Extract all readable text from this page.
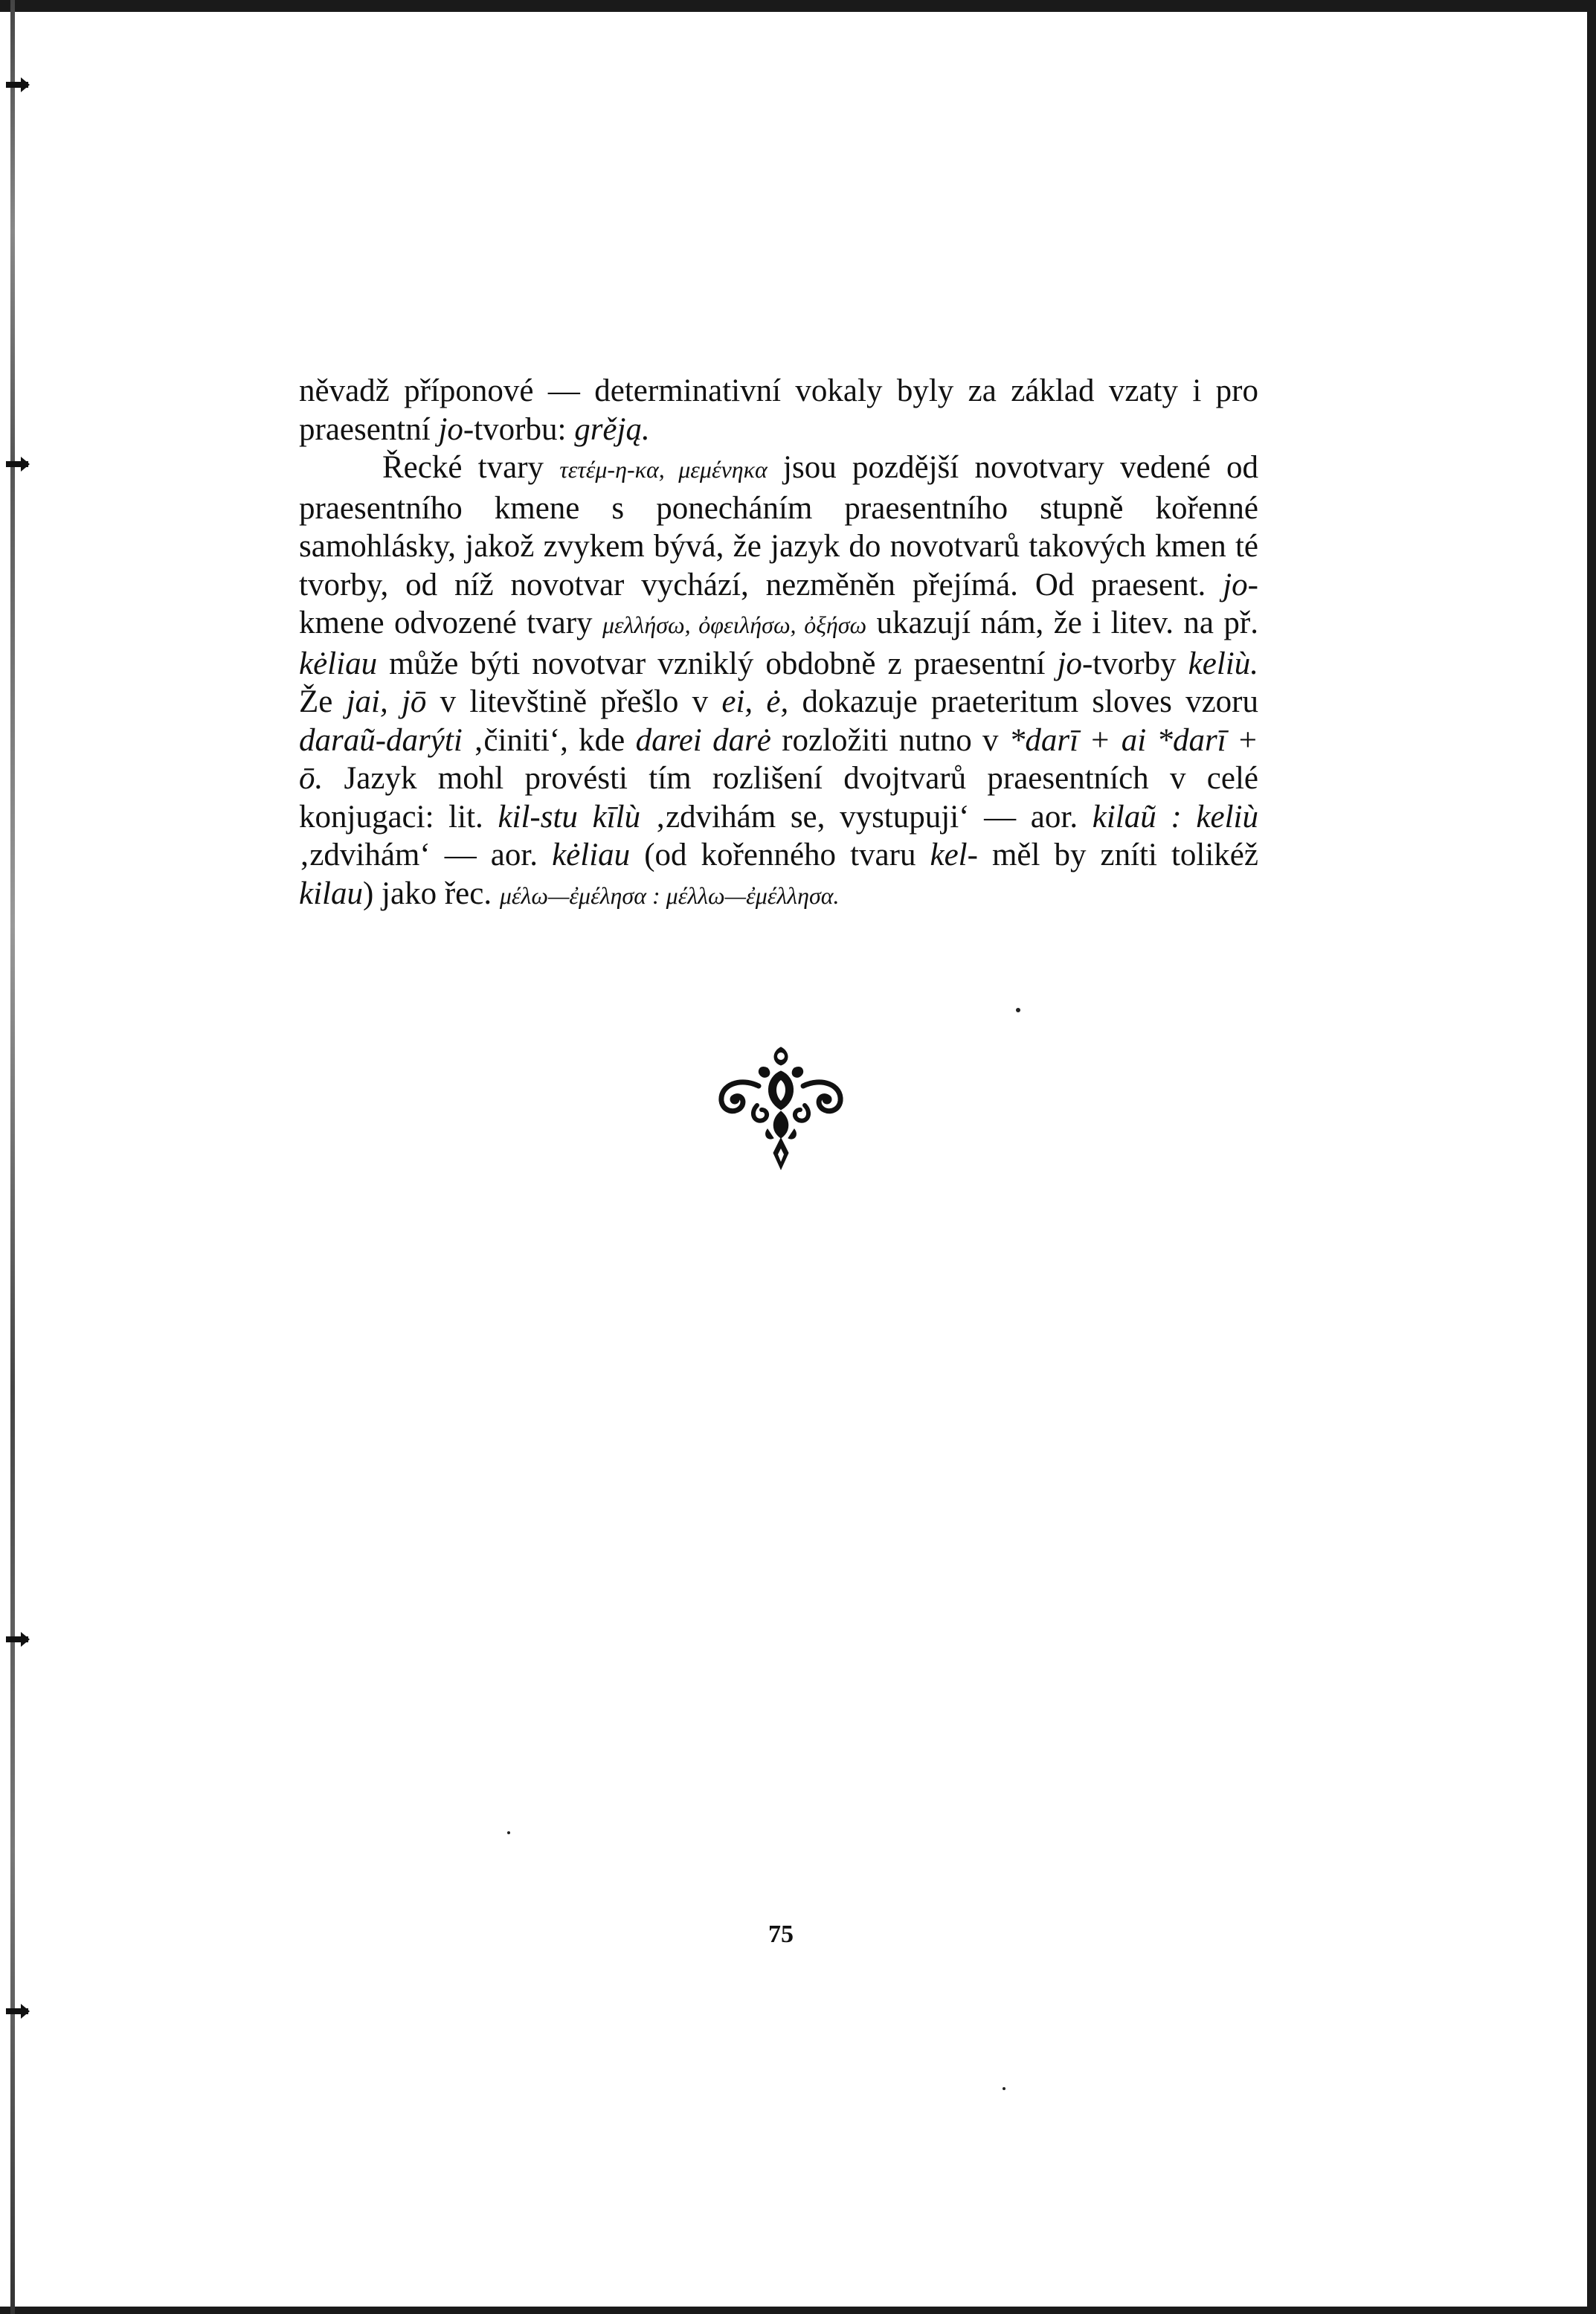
něvadž příponové — determinativní vokaly byly za základ vzaty i pro praesentní jo-tvorbu: grěją.

Řecké tvary τετέμ-η-κα, μεμένηκα jsou pozdější novotvary vedené od praesentního kmene s ponecháním praesentního stupně kořenné samohlásky, jakož zvykem bývá, že jazyk do novotvarů takových kmen té tvorby, od níž novotvar vychází, nezměněn přejímá. Od praesent. jo-kmene odvozené tvary μελλήσω, ὀφειλήσω, ὀξήσω ukazují nám, že i litev. na př. kėliau může býti novotvar vzniklý obdobně z praesentní jo-tvorby keliù. Že jai, jō v litevštině přešlo v ei, ė, dokazuje praeteritum sloves vzoru daraũ-darýti ‚činiti‘, kde darei darė rozložiti nutno v *darī + ai *darī + ō. Jazyk mohl provésti tím rozlišení dvojtvarů praesentních v celé konjugaci: lit. kil-stu kīlù ‚zdvihám se, vystupuji‘ — aor. kilaũ : keliù ‚zdvihám‘ — aor. kėliau (od kořenného tvaru kel- měl by zníti tolikéž kilau) jako řec. μέλω—ἐμέλησα : μέλλω—ἐμέλλησα.

75
